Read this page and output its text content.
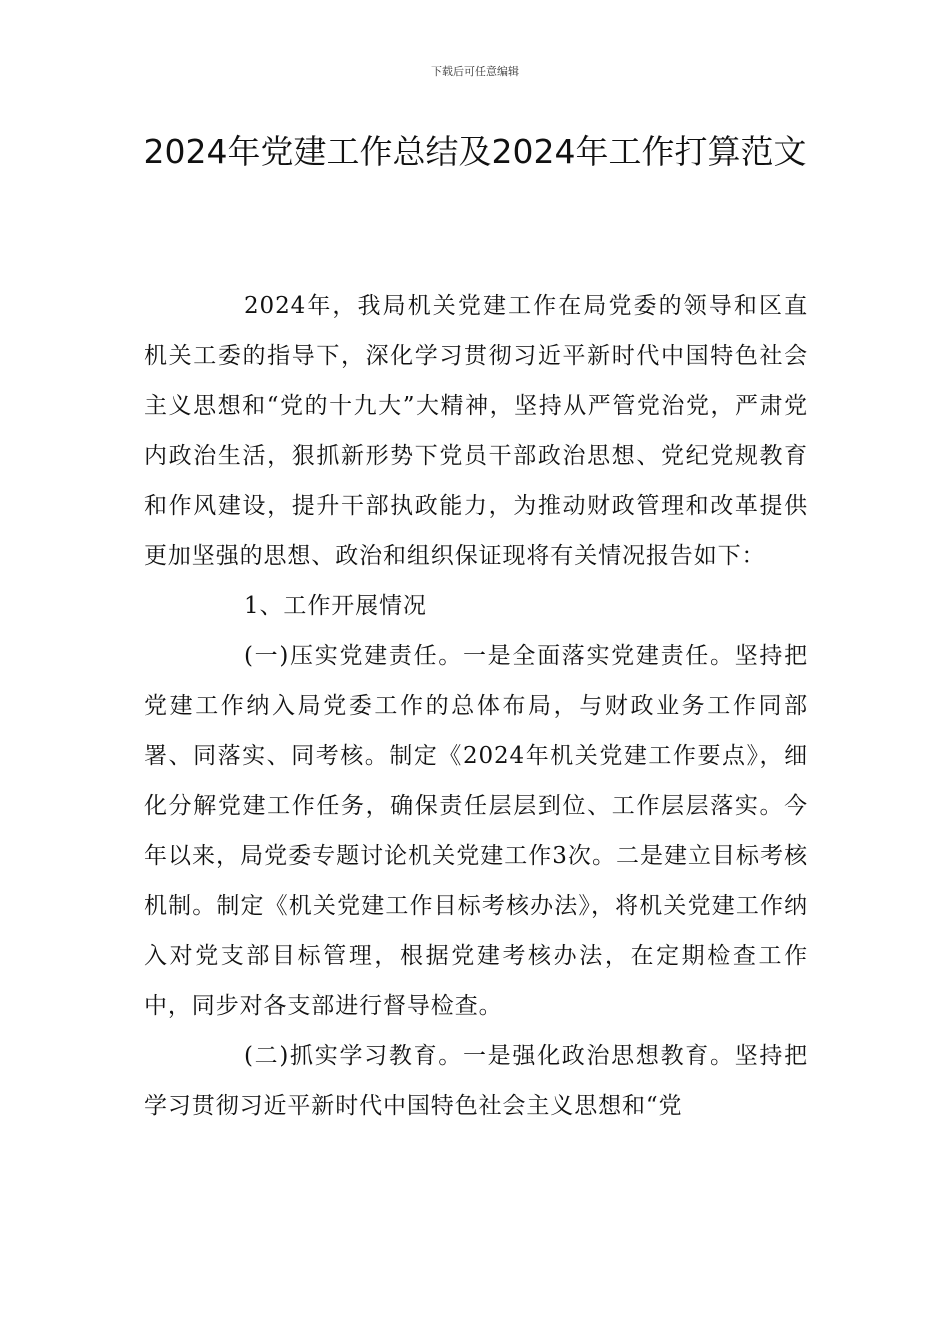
下载后可任意编辑
2024年党建工作总结及2024年工作打算范文

2024年，我局机关党建工作在局党委的领导和区直机关工委的指导下，深化学习贯彻习近平新时代中国特色社会主义思想和“党的十九大”大精神，坚持从严管党治党，严肃党内政治生活，狠抓新形势下党员干部政治思想、党纪党规教育和作风建设，提升干部执政能力，为推动财政管理和改革提供更加坚强的思想、政治和组织保证现将有关情况报告如下：

1、工作开展情况

(一)压实党建责任。一是全面落实党建责任。坚持把党建工作纳入局党委工作的总体布局，与财政业务工作同部署、同落实、同考核。制定《2024年机关党建工作要点》，细化分解党建工作任务，确保责任层层到位、工作层层落实。今年以来，局党委专题讨论机关党建工作3次。二是建立目标考核机制。制定《机关党建工作目标考核办法》，将机关党建工作纳入对党支部目标管理，根据党建考核办法，在定期检查工作中，同步对各支部进行督导检查。

(二)抓实学习教育。一是强化政治思想教育。坚持把学习贯彻习近平新时代中国特色社会主义思想和“党
